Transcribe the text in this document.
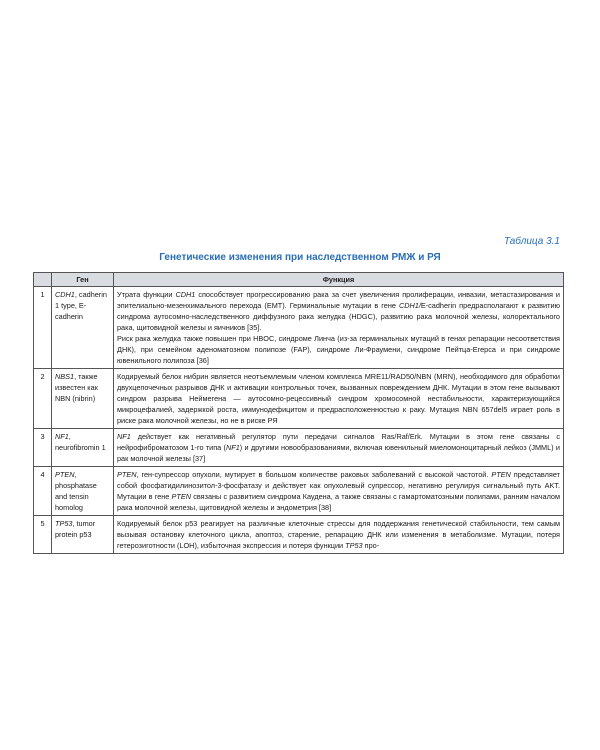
Таблица 3.1
Генетические изменения при наследственном РМЖ и РЯ
	Ген	Функция
1	CDH1, cadherin 1 type, E-cadherin	Утрата функции CDH1 способствует прогрессированию рака за счет увеличения пролиферации, инвазии, метастазирования и эпителиально-мезенхимального перехода (EMT). Герминальные мутации в гене CDH1/E-cadherin предрасполагают к развитию синдрома аутосомно-наследственного диффузного рака желудка (HDGC), развитию рака молочной железы, колоректального рака, щитовидной железы и яичников [35].
Риск рака желудка также повышен при HBOC, синдроме Линча (из-за герминальных мутаций в генах репарации несоответствия ДНК), при семейном аденоматозном полипозе (FAP), синдроме Ли-Фраумени, синдроме Пейтца-Егерса и при синдроме ювенильного полипоза [36]

2	NBS1, также известен как NBN (nibrin)	Кодируемый белок нибрин является неотъемлемым членом комплекса MRE11/RAD50/NBN (MRN), необходимого для обработки двухцепочечных разрывов ДНК и активации контрольных точек, вызванных повреждением ДНК. Мутации в этом гене вызывают синдром разрыва Неймегена — аутосомно-рецессивный синдром хромосомной нестабильности, характеризующийся микроцефалией, задержкой роста, иммунодефицитом и предрасположенностью к раку. Мутация NBN 657del5 играет роль в риске рака молочной железы, но не в риске РЯ

3	NF1, neurofibromin 1	NF1 действует как негативный регулятор пути передачи сигналов Ras/Raf/Erk. Мутации в этом гене связаны с нейрофиброматозом 1-го типа (NF1) и другими новообразованиями, включая ювенильный миеломоноцитарный лейкоз (JMML) и рак молочной железы [37]

4	PTEN, phosphatase and tensin homolog	PTEN, ген-супрессор опухоли, мутирует в большом количестве раковых заболеваний с высокой частотой. PTEN представляет собой фосфатидилинозитол-3-фосфатазу и действует как опухолевый супрессор, негативно регулируя сигнальный путь AKT. Мутации в гене PTEN связаны с развитием синдрома Каудена, а также связаны с гамартоматозными полипами, ранним началом рака молочной железы, щитовидной железы и эндометрия [38]

5	TP53, tumor protein p53	Кодируемый белок p53 реагирует на различные клеточные стрессы для поддержания генетической стабильности, тем самым вызывая остановку клеточного цикла, апоптоз, старение, репарацию ДНК или изменения в метаболизме. Мутации, потеря гетерозиготности (LOH), избыточная экспрессия и потеря функции TP53 про-
